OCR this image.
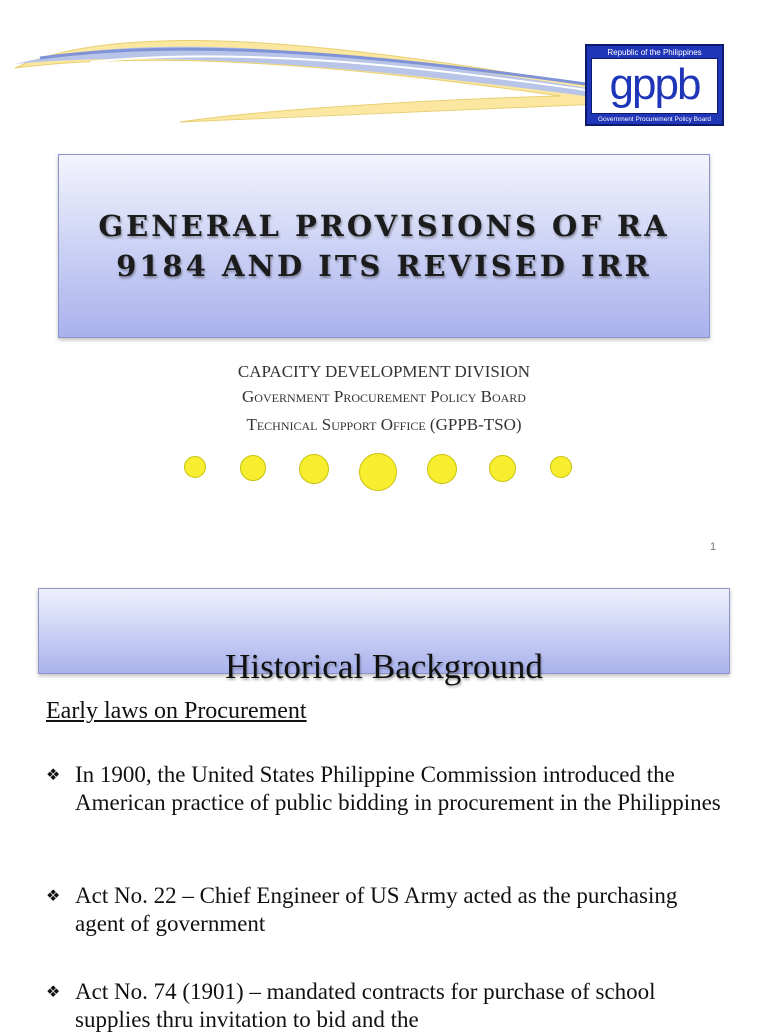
Republic of the Philippines
gppb
Government Procurement Policy Board
GENERAL PROVISIONS OF RA 9184 AND ITS REVISED IRR
CAPACITY DEVELOPMENT DIVISION
Government Procurement Policy Board
Technical Support Office (GPPB-TSO)
1
Historical Background
Early laws on Procurement
❖ In 1900, the United States Philippine Commission introduced the American practice of public bidding in procurement in the Philippines
❖ Act No. 22 – Chief Engineer of US Army acted as the purchasing agent of government
❖ Act No. 74 (1901) – mandated contracts for purchase of school supplies thru invitation to bid and the
